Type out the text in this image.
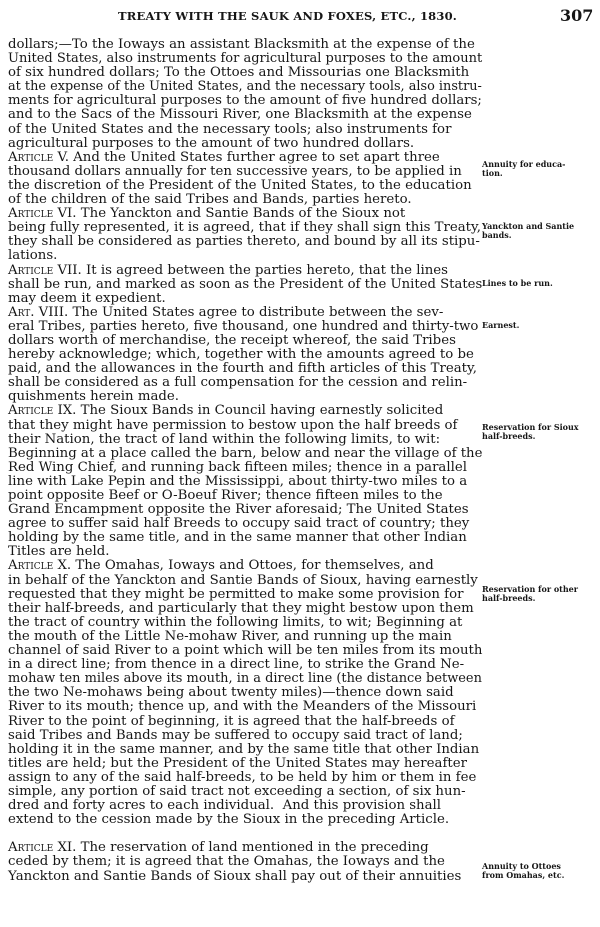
TREATY WITH THE SAUK AND FOXES, ETC., 1830.	307
dollars;—To the Ioways an assistant Blacksmith at the expense of the
United States, also instruments for agricultural purposes to the amount
of six hundred dollars; To the Ottoes and Missourias one Blacksmith
at the expense of the United States, and the necessary tools, also instru-
ments for agricultural purposes to the amount of five hundred dollars;
and to the Sacs of the Missouri River, one Blacksmith at the expense
of the United States and the necessary tools; also instruments for
agricultural purposes to the amount of two hundred dollars.
Article V. And the United States further agree to set apart three
thousand dollars annually for ten successive years, to be applied in
the discretion of the President of the United States, to the education
of the children of the said Tribes and Bands, parties hereto.
Article VI. The Yanckton and Santie Bands of the Sioux not
being fully represented, it is agreed, that if they shall sign this Treaty,
they shall be considered as parties thereto, and bound by all its stipu-
lations.
Article VII. It is agreed between the parties hereto, that the lines
shall be run, and marked as soon as the President of the United States
may deem it expedient.
Art. VIII. The United States agree to distribute between the sev-
eral Tribes, parties hereto, five thousand, one hundred and thirty-two
dollars worth of merchandise, the receipt whereof, the said Tribes
hereby acknowledge; which, together with the amounts agreed to be
paid, and the allowances in the fourth and fifth articles of this Treaty,
shall be considered as a full compensation for the cession and relin-
quishments herein made.
Article IX. The Sioux Bands in Council having earnestly solicited
that they might have permission to bestow upon the half breeds of
their Nation, the tract of land within the following limits, to wit:
Beginning at a place called the barn, below and near the village of the
Red Wing Chief, and running back fifteen miles; thence in a parallel
line with Lake Pepin and the Mississippi, about thirty-two miles to a
point opposite Beef or O-Boeuf River; thence fifteen miles to the
Grand Encampment opposite the River aforesaid; The United States
agree to suffer said half Breeds to occupy said tract of country; they
holding by the same title, and in the same manner that other Indian
Titles are held.
Article X. The Omahas, Ioways and Ottoes, for themselves, and
in behalf of the Yanckton and Santie Bands of Sioux, having earnestly
requested that they might be permitted to make some provision for
their half-breeds, and particularly that they might bestow upon them
the tract of country within the following limits, to wit; Beginning at
the mouth of the Little Ne-mohaw River, and running up the main
channel of said River to a point which will be ten miles from its mouth
in a direct line; from thence in a direct line, to strike the Grand Ne-
mohaw ten miles above its mouth, in a direct line (the distance between
the two Ne-mohaws being about twenty miles)—thence down said
River to its mouth; thence up, and with the Meanders of the Missouri
River to the point of beginning, it is agreed that the half-breeds of
said Tribes and Bands may be suffered to occupy said tract of land;
holding it in the same manner, and by the same title that other Indian
titles are held; but the President of the United States may hereafter
assign to any of the said half-breeds, to be held by him or them in fee
simple, any portion of said tract not exceeding a section, of six hun-
dred and forty acres to each individual.  And this provision shall
extend to the cession made by the Sioux in the preceding Article.
Article XI. The reservation of land mentioned in the preceding
ceded by them; it is agreed that the Omahas, the Ioways and the
Yanckton and Santie Bands of Sioux shall pay out of their annuities
Annuity for educa-
tion.
Yanckton and Santie
bands.
Lines to be run.
Earnest.
Reservation for Sioux
half-breeds.
Reservation for other
half-breeds.
Annuity to Ottoes
from Omahas, etc.
